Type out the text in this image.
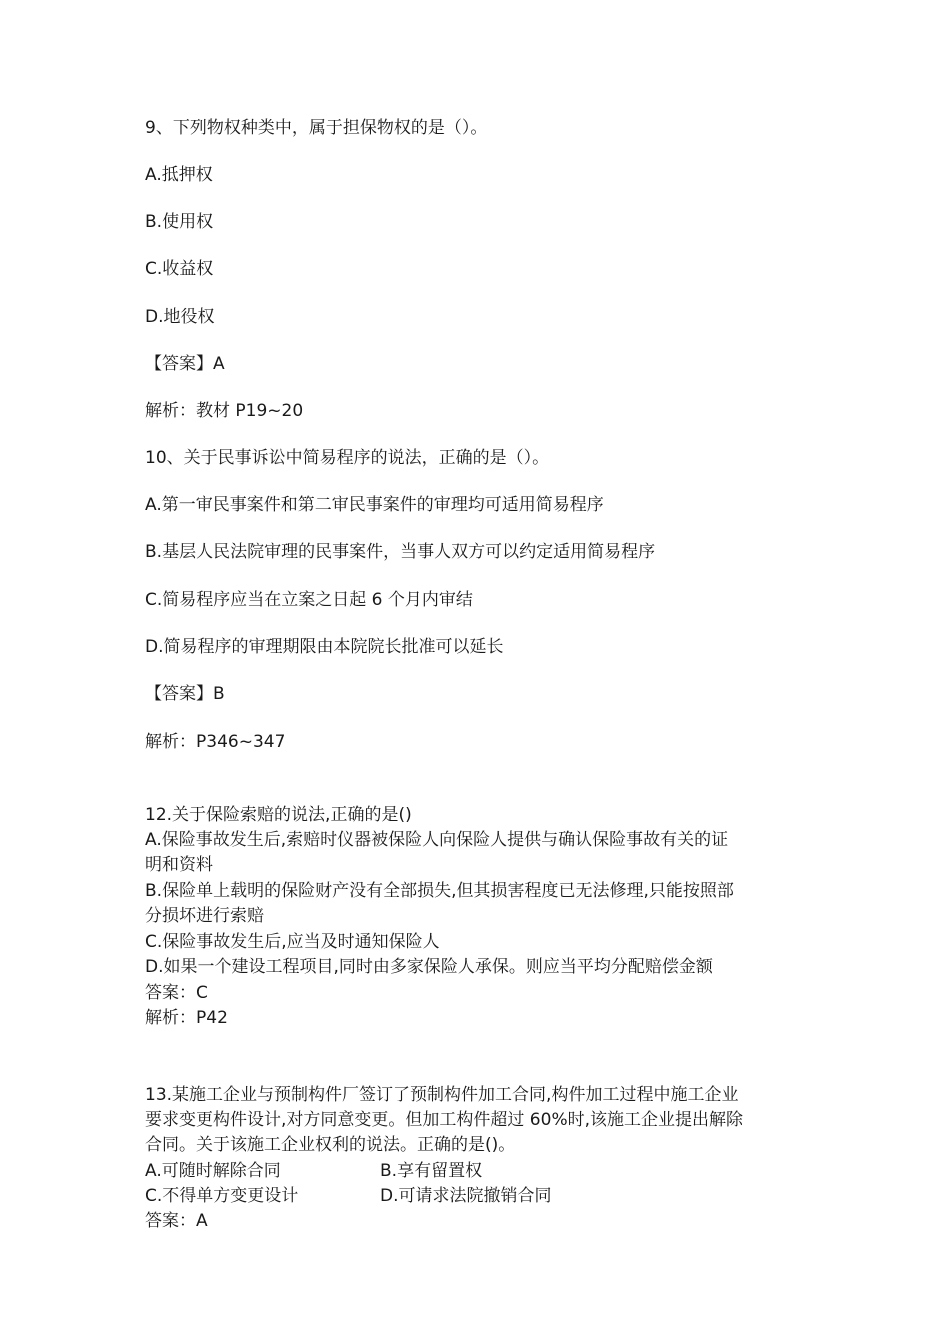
9、下列物权种类中，属于担保物权的是（）。
A.抵押权
B.使用权
C.收益权
D.地役权
【答案】A
解析：教材 P19~20
10、关于民事诉讼中简易程序的说法，正确的是（）。
A.第一审民事案件和第二审民事案件的审理均可适用简易程序
B.基层人民法院审理的民事案件，当事人双方可以约定适用简易程序
C.简易程序应当在立案之日起 6 个月内审结
D.简易程序的审理期限由本院院长批准可以延长
【答案】B
解析：P346~347
12.关于保险索赔的说法,正确的是()
A.保险事故发生后,索赔时仪器被保险人向保险人提供与确认保险事故有关的证
明和资料
B.保险单上载明的保险财产没有全部损失,但其损害程度已无法修理,只能按照部
分损坏进行索赔
C.保险事故发生后,应当及时通知保险人
D.如果一个建设工程项目,同时由多家保险人承保。则应当平均分配赔偿金额
答案：C
解析：P42
13.某施工企业与预制构件厂签订了预制构件加工合同,构件加工过程中施工企业
要求变更构件设计,对方同意变更。但加工构件超过 60%时,该施工企业提出解除
合同。关于该施工企业权利的说法。正确的是()。
A.可随时解除合同	B.享有留置权
C.不得单方变更设计	D.可请求法院撤销合同
答案：A
